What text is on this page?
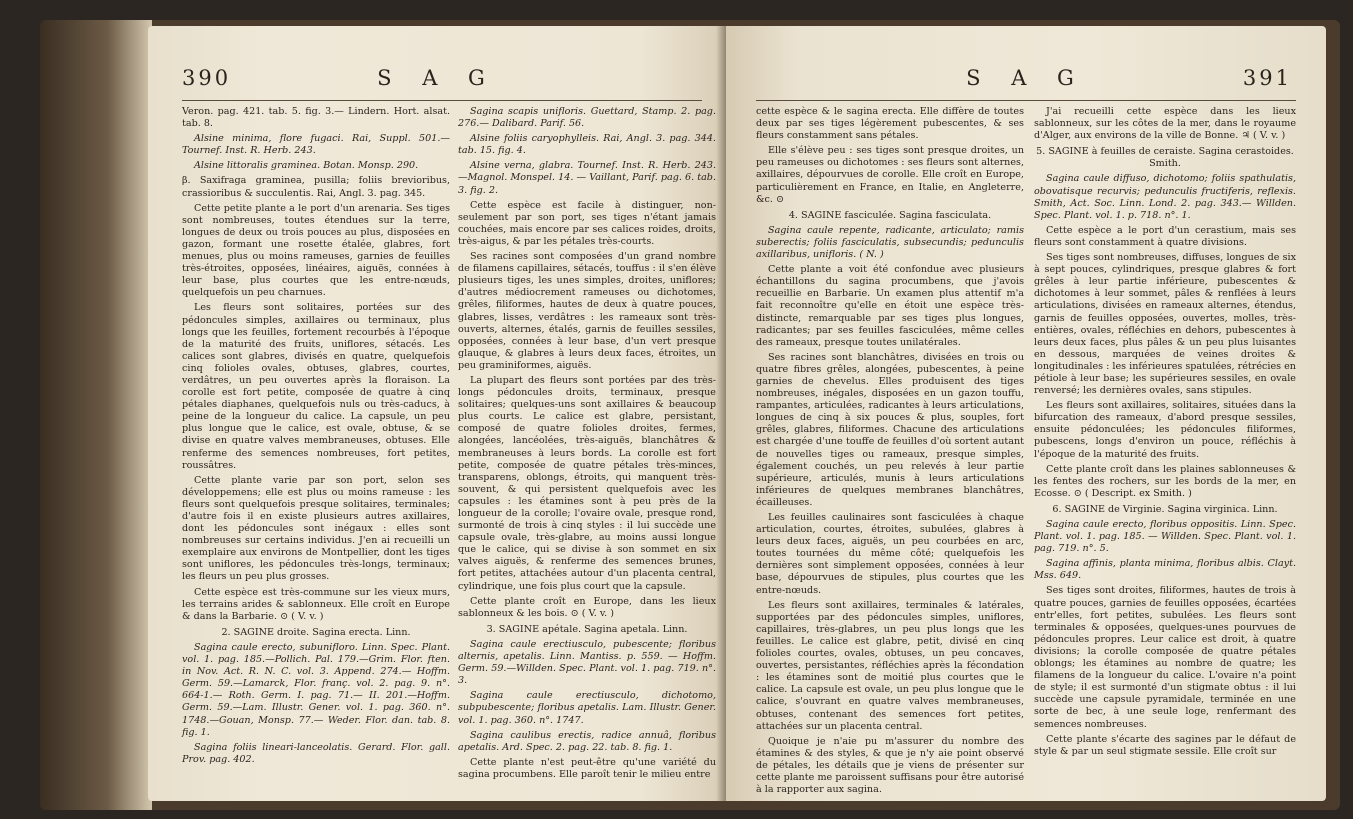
390	S A G

Veron. pag. 421. tab. 5. fig. 3.— Lindern. Hort. alsat. tab. 8.

Alsine minima, flore fugaci. Rai, Suppl. 501.— Tournef. Inst. R. Herb. 243.

Alsine littoralis graminea. Botan. Monsp. 290.

β. Saxifraga graminea, pusilla; foliis brevioribus, crassioribus & succulentis. Rai, Angl. 3. pag. 345.

Cette petite plante a le port d'un arenaria. Ses tiges sont nombreuses, toutes étendues sur la terre, longues de deux ou trois pouces au plus, disposées en gazon, formant une rosette étalée, glabres, fort menues, plus ou moins rameuses, garnies de feuilles très-étroites, opposées, linéaires, aiguës, connées à leur base, plus courtes que les entre-nœuds, quelquefois un peu charnues.

Les fleurs sont solitaires, portées sur des pédoncules simples, axillaires ou terminaux, plus longs que les feuilles, fortement recourbés à l'époque de la maturité des fruits, uniflores, sétacés. Les calices sont glabres, divisés en quatre, quelquefois cinq folioles ovales, obtuses, glabres, courtes, verdâtres, un peu ouvertes après la floraison. La corolle est fort petite, composée de quatre à cinq pétales diaphanes, quelquefois nuls ou très-caducs, à peine de la longueur du calice. La capsule, un peu plus longue que le calice, est ovale, obtuse, & se divise en quatre valves membraneuses, obtuses. Elle renferme des semences nombreuses, fort petites, roussâtres.

Cette plante varie par son port, selon ses développemens; elle est plus ou moins rameuse : les fleurs sont quelquefois presque solitaires, terminales; d'autre fois il en existe plusieurs autres axillaires, dont les pédoncules sont inégaux : elles sont nombreuses sur certains individus. J'en ai recueilli un exemplaire aux environs de Montpellier, dont les tiges sont uniflores, les pédoncules très-longs, terminaux; les fleurs un peu plus grosses.

Cette espèce est très-commune sur les vieux murs, les terrains arides & sablonneux. Elle croît en Europe & dans la Barbarie. ⊙ ( V. v. )

2. SAGINE droite. Sagina erecta. Linn.

Sagina caule erecto, subunifloro. Linn. Spec. Plant. vol. 1. pag. 185.—Pollich. Pal. 179.—Grim. Flor. ften. in Nov. Act. R. N. C. vol. 3. Append. 274.— Hoffm. Germ. 59.—Lamarck, Flor. franç. vol. 2. pag. 9. n°. 664-1.— Roth. Germ. I. pag. 71.— II. 201.—Hoffm. Germ. 59.—Lam. Illustr. Gener. vol. 1. pag. 360. n°. 1748.—Gouan, Monsp. 77.— Weder. Flor. dan. tab. 8. fig. 1.

Sagina foliis lineari-lanceolatis. Gerard. Flor. gall. Prov. pag. 402.

Sagina scapis unifloris. Guettard, Stamp. 2. pag. 276.— Dalibard. Parif. 56.

Alsine foliis caryophylleis. Rai, Angl. 3. pag. 344. tab. 15. fig. 4.

Alsine verna, glabra. Tournef. Inst. R. Herb. 243. —Magnol. Monspel. 14. — Vaillant, Parif. pag. 6. tab. 3. fig. 2.

Cette espèce est facile à distinguer, non-seulement par son port, ses tiges n'étant jamais couchées, mais encore par ses calices roides, droits, très-aigus, & par les pétales très-courts.

Ses racines sont composées d'un grand nombre de filamens capillaires, sétacés, touffus : il s'en élève plusieurs tiges, les unes simples, droites, uniflores; d'autres médiocrement rameuses ou dichotomes, grêles, filiformes, hautes de deux à quatre pouces, glabres, lisses, verdâtres : les rameaux sont très-ouverts, alternes, étalés, garnis de feuilles sessiles, opposées, connées à leur base, d'un vert presque glauque, & glabres à leurs deux faces, étroites, un peu graminiformes, aiguës.

La plupart des fleurs sont portées par des très-longs pédoncules droits, terminaux, presque solitaires; quelques-uns sont axillaires & beaucoup plus courts. Le calice est glabre, persistant, composé de quatre folioles droites, fermes, alongées, lancéolées, très-aiguës, blanchâtres & membraneuses à leurs bords. La corolle est fort petite, composée de quatre pétales très-minces, transparens, oblongs, étroits, qui manquent très-souvent, & qui persistent quelquefois avec les capsules : les étamines sont à peu près de la longueur de la corolle; l'ovaire ovale, presque rond, surmonté de trois à cinq styles : il lui succède une capsule ovale, très-glabre, au moins aussi longue que le calice, qui se divise à son sommet en six valves aiguës, & renferme des semences brunes, fort petites, attachées autour d'un placenta central, cylindrique, une fois plus court que la capsule.

Cette plante croît en Europe, dans les lieux sablonneux & les bois. ⊙ ( V. v. )

3. SAGINE apétale. Sagina apetala. Linn.

Sagina caule erectiusculo, pubescente; floribus alternis, apetalis. Linn. Mantiss. p. 559. — Hoffm. Germ. 59.—Willden. Spec. Plant. vol. 1. pag. 719. n°. 3.

Sagina caule erectiusculo, dichotomo, subpubescente; floribus apetalis. Lam. Illustr. Gener. vol. 1. pag. 360. n°. 1747.

Sagina caulibus erectis, radice annuâ, floribus apetalis. Ard. Spec. 2. pag. 22. tab. 8. fig. 1.

Cette plante n'est peut-être qu'une variété du sagina procumbens. Elle paroît tenir le milieu entre

S A G	391

cette espèce & le sagina erecta. Elle diffère de toutes deux par ses tiges légèrement pubescentes, & ses fleurs constamment sans pétales.

Elle s'élève peu : ses tiges sont presque droites, un peu rameuses ou dichotomes : ses fleurs sont alternes, axillaires, dépourvues de corolle. Elle croît en Europe, particulièrement en France, en Italie, en Angleterre, &c. ⊙

4. SAGINE fasciculée. Sagina fasciculata.

Sagina caule repente, radicante, articulato; ramis suberectis; foliis fasciculatis, subsecundis; pedunculis axillaribus, unifloris. ( N. )

Cette plante a voit été confondue avec plusieurs échantillons du sagina procumbens, que j'avois recueillie en Barbarie. Un examen plus attentif m'a fait reconnoître qu'elle en étoit une espèce très-distincte, remarquable par ses tiges plus longues, radicantes; par ses feuilles fasciculées, même celles des rameaux, presque toutes unilatérales.

Ses racines sont blanchâtres, divisées en trois ou quatre fibres grêles, alongées, pubescentes, à peine garnies de chevelus. Elles produisent des tiges nombreuses, inégales, disposées en un gazon touffu, rampantes, articulées, radicantes à leurs articulations, longues de cinq à six pouces & plus, souples, fort grêles, glabres, filiformes. Chacune des articulations est chargée d'une touffe de feuilles d'où sortent autant de nouvelles tiges ou rameaux, presque simples, également couchés, un peu relevés à leur partie supérieure, articulés, munis à leurs articulations inférieures de quelques membranes blanchâtres, écailleuses.

Les feuilles caulinaires sont fasciculées à chaque articulation, courtes, étroites, subulées, glabres à leurs deux faces, aiguës, un peu courbées en arc, toutes tournées du même côté; quelquefois les dernières sont simplement opposées, connées à leur base, dépourvues de stipules, plus courtes que les entre-nœuds.

Les fleurs sont axillaires, terminales & latérales, supportées par des pédoncules simples, uniflores, capillaires, très-glabres, un peu plus longs que les feuilles. Le calice est glabre, petit, divisé en cinq folioles courtes, ovales, obtuses, un peu concaves, ouvertes, persistantes, réfléchies après la fécondation : les étamines sont de moitié plus courtes que le calice. La capsule est ovale, un peu plus longue que le calice, s'ouvrant en quatre valves membraneuses, obtuses, contenant des semences fort petites, attachées sur un placenta central.

Quoique je n'aie pu m'assurer du nombre des étamines & des styles, & que je n'y aie point observé de pétales, les détails que je viens de présenter sur cette plante me paroissent suffisans pour être autorisé à la rapporter aux sagina.

J'ai recueilli cette espèce dans les lieux sablonneux, sur les côtes de la mer, dans le royaume d'Alger, aux environs de la ville de Bonne. ♃ ( V. v. )

5. SAGINE à feuilles de ceraiste. Sagina cerastoides. Smith.

Sagina caule diffuso, dichotomo; foliis spathulatis, obovatisque recurvis; pedunculis fructiferis, reflexis. Smith, Act. Soc. Linn. Lond. 2. pag. 343.— Willden. Spec. Plant. vol. 1. p. 718. n°. 1.

Cette espèce a le port d'un cerastium, mais ses fleurs sont constamment à quatre divisions.

Ses tiges sont nombreuses, diffuses, longues de six à sept pouces, cylindriques, presque glabres & fort grêles à leur partie inférieure, pubescentes & dichotomes à leur sommet, pâles & renflées à leurs articulations, divisées en rameaux alternes, étendus, garnis de feuilles opposées, ouvertes, molles, très-entières, ovales, réfléchies en dehors, pubescentes à leurs deux faces, plus pâles & un peu plus luisantes en dessous, marquées de veines droites & longitudinales : les inférieures spatulées, rétrécies en pétiole à leur base; les supérieures sessiles, en ovale renversé; les dernières ovales, sans stipules.

Les fleurs sont axillaires, solitaires, situées dans la bifurcation des rameaux, d'abord presque sessiles, ensuite pédonculées; les pédoncules filiformes, pubescens, longs d'environ un pouce, réfléchis à l'époque de la maturité des fruits.

Cette plante croît dans les plaines sablonneuses & les fentes des rochers, sur les bords de la mer, en Ecosse. ⊙ ( Descript. ex Smith. )

6. SAGINE de Virginie. Sagina virginica. Linn.

Sagina caule erecto, floribus oppositis. Linn. Spec. Plant. vol. 1. pag. 185. — Willden. Spec. Plant. vol. 1. pag. 719. n°. 5.

Sagina affinis, planta minima, floribus albis. Clayt. Mss. 649.

Ses tiges sont droites, filiformes, hautes de trois à quatre pouces, garnies de feuilles opposées, écartées entr'elles, fort petites, subulées. Les fleurs sont terminales & opposées, quelques-unes pourvues de pédoncules propres. Leur calice est droit, à quatre divisions; la corolle composée de quatre pétales oblongs; les étamines au nombre de quatre; les filamens de la longueur du calice. L'ovaire n'a point de style; il est surmonté d'un stigmate obtus : il lui succède une capsule pyramidale, terminée en une sorte de bec, à une seule loge, renfermant des semences nombreuses.

Cette plante s'écarte des sagines par le défaut de style & par un seul stigmate sessile. Elle croît sur
